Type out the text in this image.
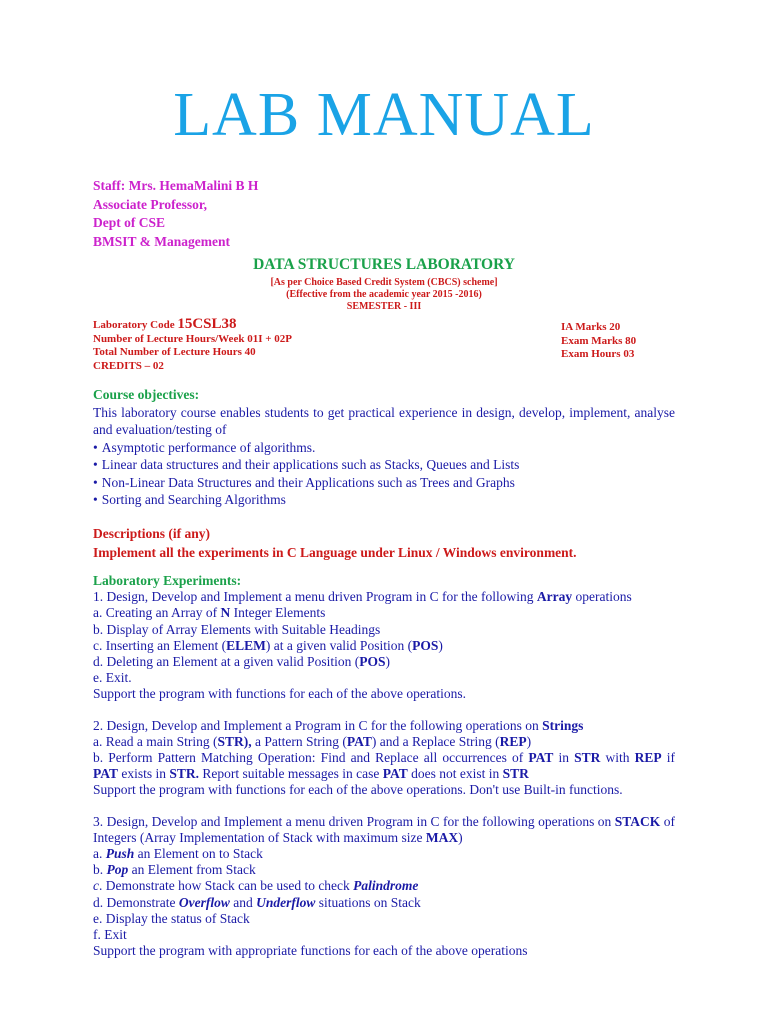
LAB MANUAL
Staff: Mrs. HemaMalini B H
Associate Professor,
Dept of CSE
BMSIT & Management
DATA STRUCTURES LABORATORY
[As per Choice Based Credit System (CBCS) scheme]
(Effective from the academic year 2015 -2016)
SEMESTER - III
Laboratory Code 15CSL38
Number of Lecture Hours/Week 01I + 02P
Total Number of Lecture Hours 40
CREDITS – 02
IA Marks 20
Exam Marks 80
Exam Hours 03

Course objectives:

This laboratory course enables students to get practical experience in design, develop, implement, analyse and evaluation/testing of

• Asymptotic performance of algorithms.

• Linear data structures and their applications such as Stacks, Queues and Lists

• Non-Linear Data Structures and their Applications such as Trees and Graphs

• Sorting and Searching Algorithms

Descriptions (if any)

Implement all the experiments in C Language under Linux / Windows environment.

Laboratory Experiments:

1. Design, Develop and Implement a menu driven Program in C for the following Array operations

a. Creating an Array of N Integer Elements

b. Display of Array Elements with Suitable Headings

c. Inserting an Element (ELEM) at a given valid Position (POS)

d. Deleting an Element at a given valid Position (POS)

e. Exit.

Support the program with functions for each of the above operations.

2. Design, Develop and Implement a Program in C for the following operations on Strings

a. Read a main String (STR), a Pattern String (PAT) and a Replace String (REP)

b. Perform Pattern Matching Operation: Find and Replace all occurrences of PAT in STR with REP if PAT exists in STR. Report suitable messages in case PAT does not exist in STR

Support the program with functions for each of the above operations. Don't use Built-in functions.

3. Design, Develop and Implement a menu driven Program in C for the following operations on STACK of Integers (Array Implementation of Stack with maximum size MAX)

a. Push an Element on to Stack

b. Pop an Element from Stack

c. Demonstrate how Stack can be used to check Palindrome

d. Demonstrate Overflow and Underflow situations on Stack

e. Display the status of Stack

f. Exit

Support the program with appropriate functions for each of the above operations
